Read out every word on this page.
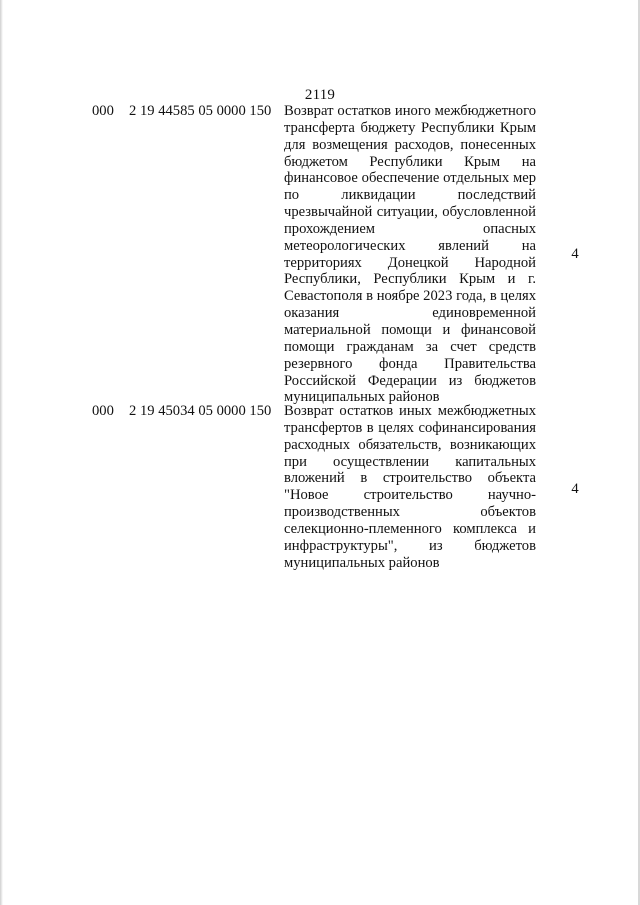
2119
000	2 19 44585 05 0000 150 Возврат остатков иного межбюджетного трансферта бюджету Республики Крым для возмещения расходов, понесенных бюджетом Республики Крым на финансовое обеспечение отдельных мер по ликвидации последствий чрезвычайной ситуации, обусловленной прохождением опасных метеорологических явлений на территориях Донецкой Народной Республики, Республики Крым и г. Севастополя в ноябре 2023 года, в целях оказания единовременной материальной помощи и финансовой помощи гражданам за счет средств резервного фонда Правительства Российской Федерации из бюджетов муниципальных районов
4
000	2 19 45034 05 0000 150 Возврат остатков иных межбюджетных трансфертов в целях софинансирования расходных обязательств, возникающих при осуществлении капитальных вложений в строительство объекта "Новое строительство научно-производственных объектов селекционно-племенного комплекса и инфраструктуры", из бюджетов муниципальных районов
4
